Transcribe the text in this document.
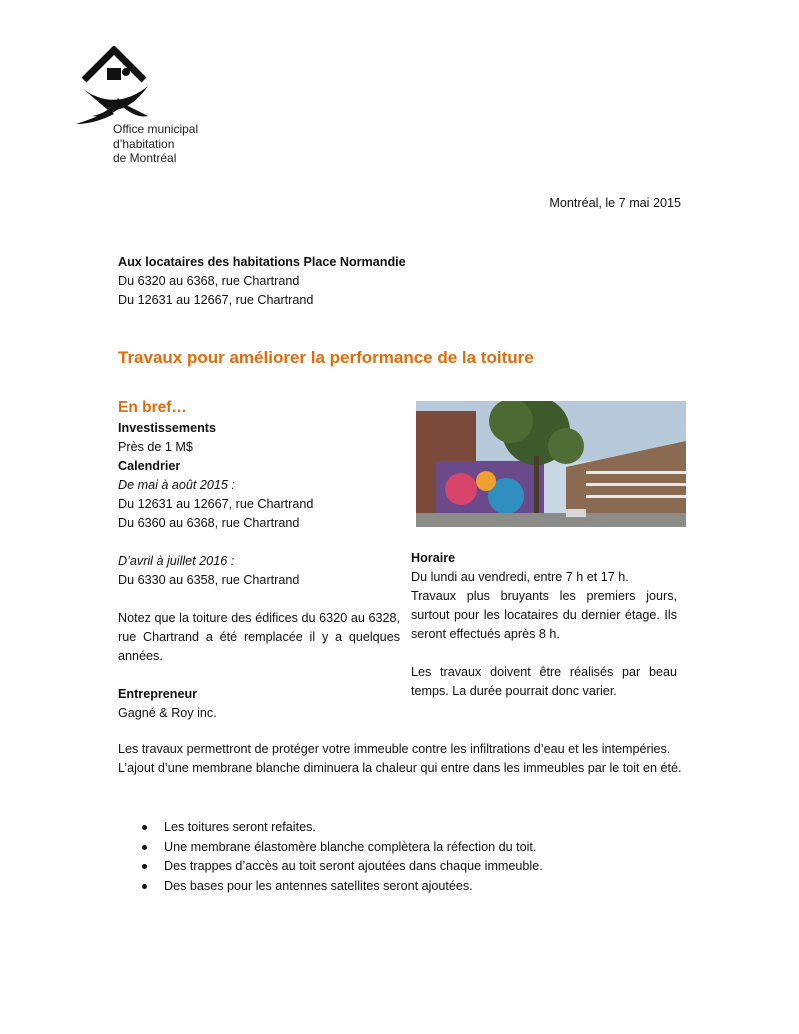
Office municipal
d’habitation
de Montréal
Montréal, le 7 mai 2015
Aux locataires des habitations Place Normandie
Du 6320 au 6368, rue Chartrand
Du 12631 au 12667, rue Chartrand
Travaux pour améliorer la performance de la toiture
En bref…
Investissements
Près de 1 M$
Calendrier
De mai à août 2015 :
Du 12631 au 12667, rue Chartrand
Du 6360 au 6368, rue Chartrand
D’avril à juillet 2016 :
Du 6330 au 6358, rue Chartrand
Notez que la toiture des édifices du 6320 au 6328, rue Chartrand a été remplacée il y a quelques années.
Entrepreneur
Gagné & Roy inc.
Horaire
Du lundi au vendredi, entre 7 h et 17 h.
Travaux plus bruyants les premiers jours, surtout pour les locataires du dernier étage. Ils seront effectués après 8 h.
Les travaux doivent être réalisés par beau temps. La durée pourrait donc varier.
Les travaux permettront de protéger votre immeuble contre les infiltrations d’eau et les intempéries. L’ajout d’une membrane blanche diminuera la chaleur qui entre dans les immeubles par le toit en été.
Les toitures seront refaites.
Une membrane élastomère blanche complètera la réfection du toit.
Des trappes d’accès au toit seront ajoutées dans chaque immeuble.
Des bases pour les antennes satellites seront ajoutées.
